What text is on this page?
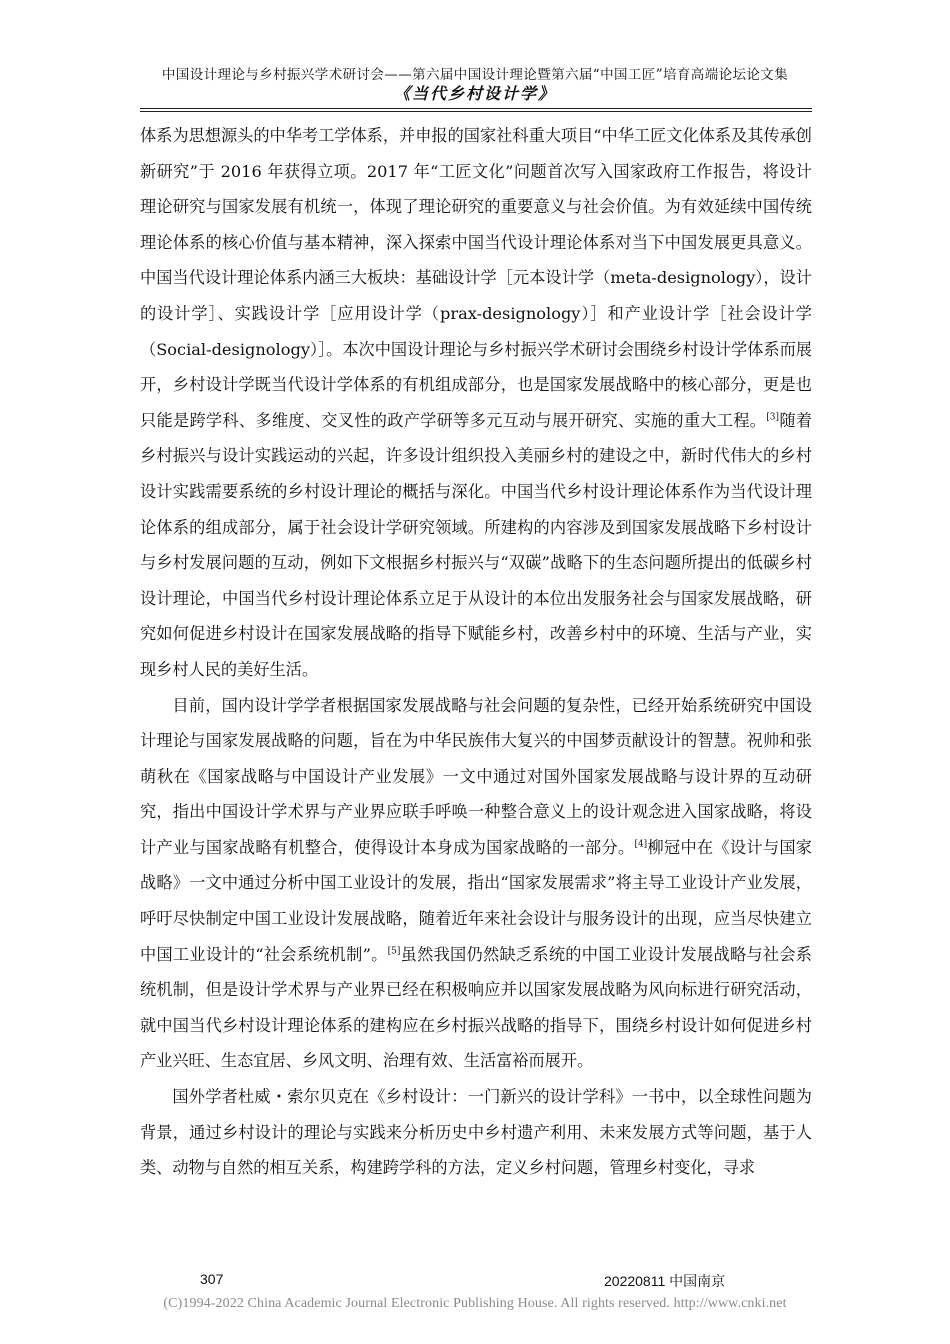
中国设计理论与乡村振兴学术研讨会——第六届中国设计理论暨第六届“中国工匠”培育高端论坛论文集
《当代乡村设计学》

体系为思想源头的中华考工学体系，并申报的国家社科重大项目“中华工匠文化体系及其传承创新研究”于 2016 年获得立项。2017 年“工匠文化”问题首次写入国家政府工作报告，将设计理论研究与国家发展有机统一，体现了理论研究的重要意义与社会价值。为有效延续中国传统理论体系的核心价值与基本精神，深入探索中国当代设计理论体系对当下中国发展更具意义。中国当代设计理论体系内涵三大板块：基础设计学［元本设计学（meta-designology），设计的设计学］、实践设计学［应用设计学（prax-designology）］和产业设计学［社会设计学（Social-designology）］。本次中国设计理论与乡村振兴学术研讨会围绕乡村设计学体系而展开，乡村设计学既当代设计学体系的有机组成部分，也是国家发展战略中的核心部分，更是也只能是跨学科、多维度、交叉性的政产学研等多元互动与展开研究、实施的重大工程。[3]随着乡村振兴与设计实践运动的兴起，许多设计组织投入美丽乡村的建设之中，新时代伟大的乡村设计实践需要系统的乡村设计理论的概括与深化。中国当代乡村设计理论体系作为当代设计理论体系的组成部分，属于社会设计学研究领域。所建构的内容涉及到国家发展战略下乡村设计与乡村发展问题的互动，例如下文根据乡村振兴与“双碳”战略下的生态问题所提出的低碳乡村设计理论，中国当代乡村设计理论体系立足于从设计的本位出发服务社会与国家发展战略，研究如何促进乡村设计在国家发展战略的指导下赋能乡村，改善乡村中的环境、生活与产业，实现乡村人民的美好生活。

目前，国内设计学学者根据国家发展战略与社会问题的复杂性，已经开始系统研究中国设计理论与国家发展战略的问题，旨在为中华民族伟大复兴的中国梦贡献设计的智慧。祝帅和张萌秋在《国家战略与中国设计产业发展》一文中通过对国外国家发展战略与设计界的互动研究，指出中国设计学术界与产业界应联手呼唤一种整合意义上的设计观念进入国家战略，将设计产业与国家战略有机整合，使得设计本身成为国家战略的一部分。[4]柳冠中在《设计与国家战略》一文中通过分析中国工业设计的发展，指出“国家发展需求”将主导工业设计产业发展，呼吁尽快制定中国工业设计发展战略，随着近年来社会设计与服务设计的出现，应当尽快建立中国工业设计的“社会系统机制”。[5]虽然我国仍然缺乏系统的中国工业设计发展战略与社会系统机制，但是设计学术界与产业界已经在积极响应并以国家发展战略为风向标进行研究活动，就中国当代乡村设计理论体系的建构应在乡村振兴战略的指导下，围绕乡村设计如何促进乡村产业兴旺、生态宜居、乡风文明、治理有效、生活富裕而展开。

国外学者杜威・索尔贝克在《乡村设计：一门新兴的设计学科》一书中，以全球性问题为背景，通过乡村设计的理论与实践来分析历史中乡村遗产利用、未来发展方式等问题，基于人类、动物与自然的相互关系，构建跨学科的方法，定义乡村问题，管理乡村变化，寻求

307	20220811 中国南京
(C)1994-2022 China Academic Journal Electronic Publishing House. All rights reserved. http://www.cnki.net
